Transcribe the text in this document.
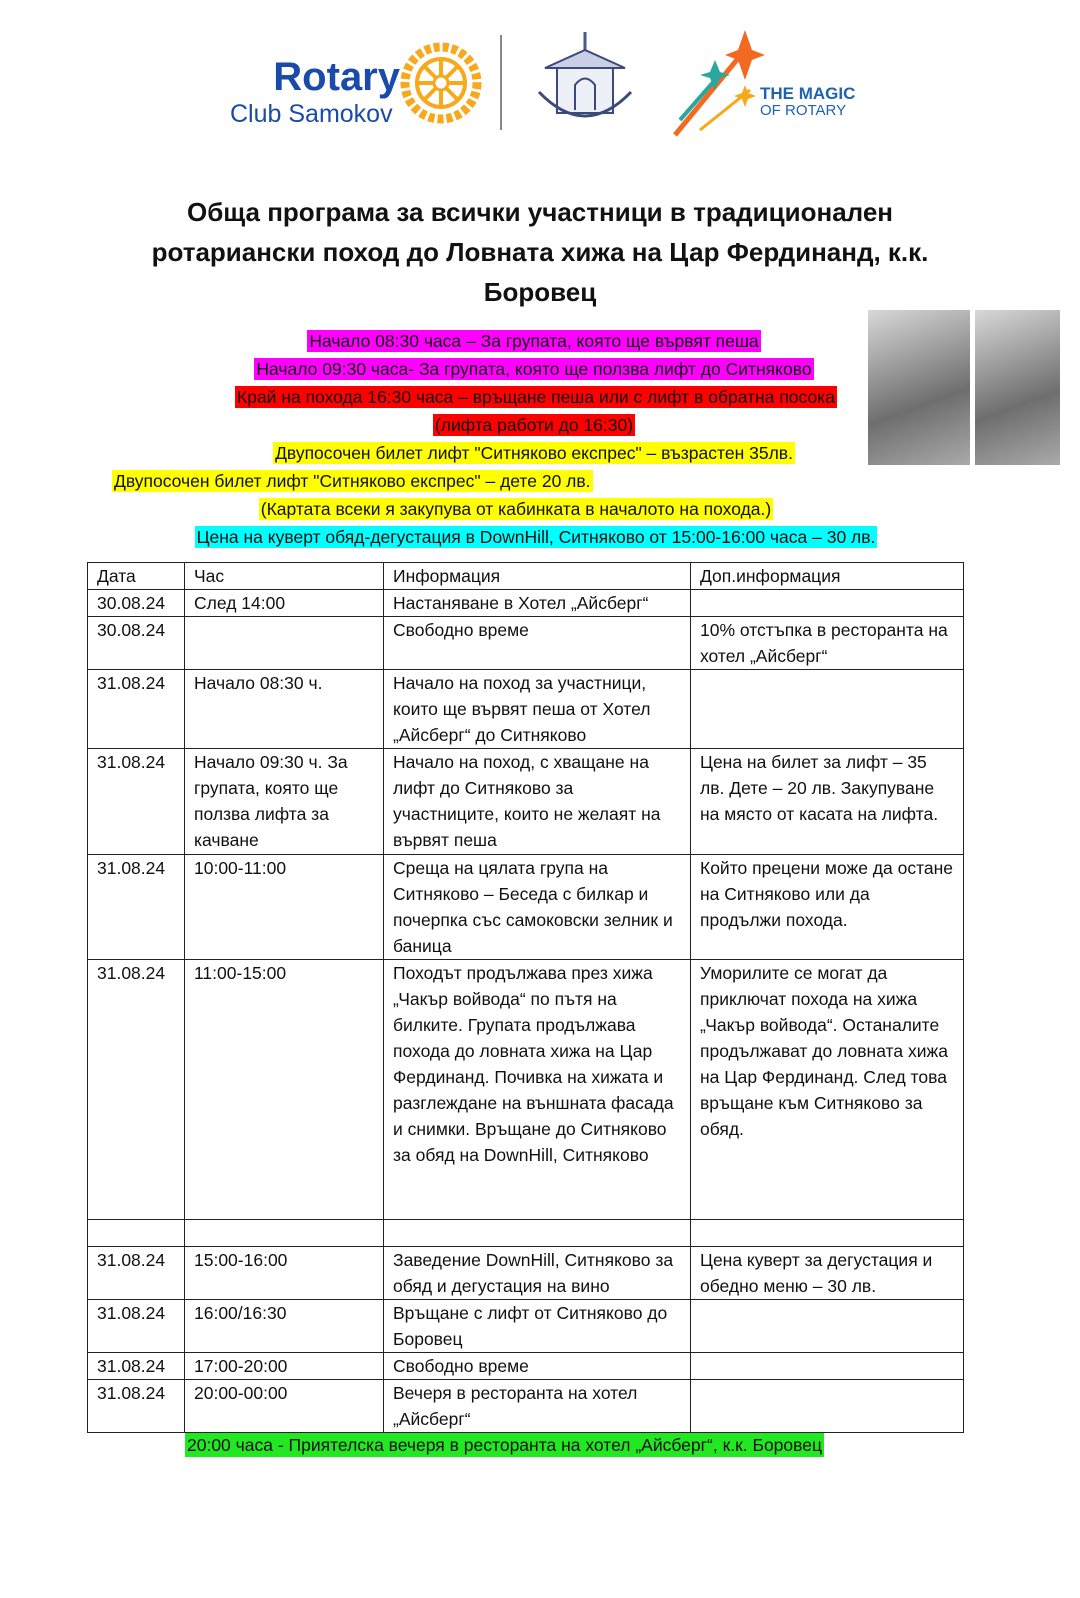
Rotary
Club Samokov
THE MAGIC
OF ROTARY
Обща програма за всички участници в традиционален
ротариански поход до Ловната хижа на Цар Фердинанд, к.к.
Боровец
Начало 08:30 часа – За групата, която ще вървят пеша
Начало 09:30 часа- За групата, която ще ползва лифт до Ситняково
Край на похода 16:30 часа – връщане пеша или с лифт в обратна посока
(лифта работи до 16:30)
Двупосочен билет лифт "Ситняково експрес" – възрастен 35лв.
Двупосочен билет лифт "Ситняково експрес" – дете 20 лв.
(Картата всеки я закупува от кабинката в началото на похода.)
Цена на куверт обяд-дегустация в DownHill, Ситняково от 15:00-16:00 часа – 30 лв.
Дата	Час	Информация	Доп.информация
30.08.24	След 14:00	Настаняване в Хотел „Айсберг“	
30.08.24		Свободно време	10% отстъпка в ресторанта на хотел „Айсберг“
31.08.24	Начало 08:30 ч.	Начало на поход за участници, които ще вървят пеша от Хотел „Айсберг“ до Ситняково	
31.08.24	Начало 09:30 ч. За групата, която ще ползва лифта за качване	Начало на поход, с хващане на лифт до Ситняково за участниците, които не желаят на вървят пеша	Цена на билет за лифт – 35 лв. Дете – 20 лв. Закупуване на място от касата на лифта.
31.08.24	10:00-11:00	Среща на цялата група на Ситняково – Беседа с билкар и почерпка със самоковски зелник и баница	Който прецени може да остане на Ситняково или да продължи похода.
31.08.24	11:00-15:00	Походът продължава през хижа „Чакър войвода“ по пътя на билките. Групата продължава похода до ловната хижа на Цар Фердинанд. Почивка на хижата и разглеждане на външната фасада и снимки. Връщане до Ситняково за обяд на DownHill, Ситняково	Уморилите се могат да приключат похода на хижа „Чакър войвода“. Останалите продължават до ловната хижа на Цар Фердинанд. След това връщане към Ситняково за обяд.

31.08.24	15:00-16:00	Заведение DownHill, Ситняково за обяд и дегустация на вино	Цена куверт за дегустация и обедно меню – 30 лв.
31.08.24	16:00/16:30	Връщане с лифт от Ситняково до Боровец	
31.08.24	17:00-20:00	Свободно време	
31.08.24	20:00-00:00	Вечеря в ресторанта на хотел „Айсберг“	
20:00 часа - Приятелска вечеря в ресторанта на хотел „Айсберг“, к.к. Боровец
